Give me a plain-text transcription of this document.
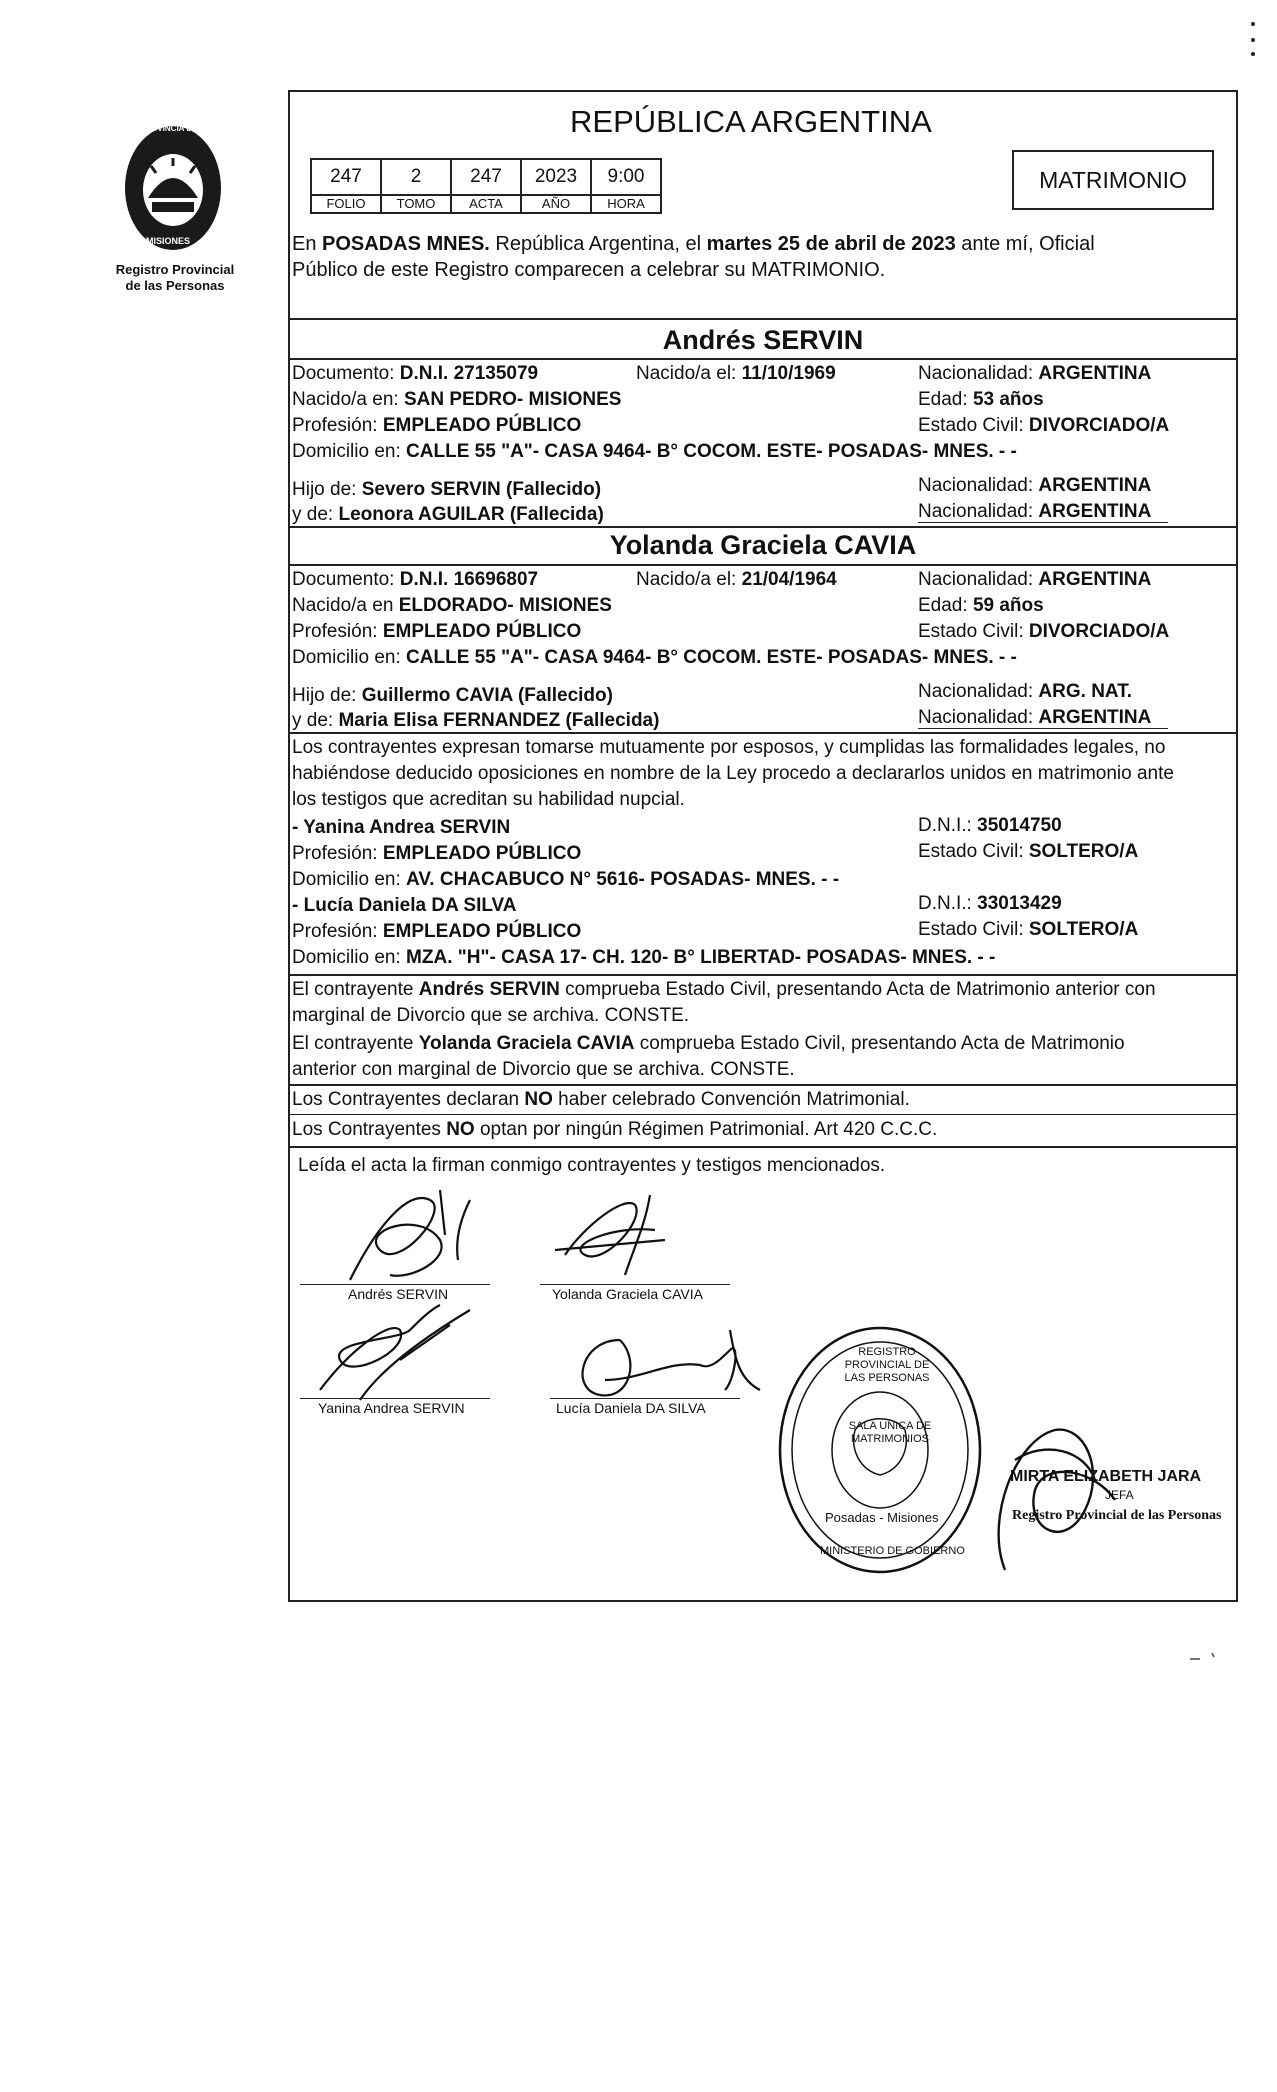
PROVINCIA DE
MISIONES
Registro Provincial
de las Personas
REPÚBLICA ARGENTINA
247	2	247	2023	9:00
FOLIO	TOMO	ACTA	AÑO	HORA
MATRIMONIO
En POSADAS MNES. República Argentina, el martes 25 de abril de 2023 ante mí, Oficial
Público de este Registro comparecen a celebrar su MATRIMONIO.
Andrés SERVIN
Documento: D.N.I. 27135079	Nacido/a el: 11/10/1969	Nacionalidad: ARGENTINA
Nacido/a en: SAN PEDRO- MISIONES	Edad: 53 años
Profesión: EMPLEADO PÚBLICO	Estado Civil: DIVORCIADO/A
Domicilio en: CALLE 55 "A"- CASA 9464- B° COCOM. ESTE- POSADAS- MNES. - -
Hijo de: Severo SERVIN (Fallecido)	Nacionalidad: ARGENTINA
y de: Leonora AGUILAR (Fallecida)	Nacionalidad: ARGENTINA
Yolanda Graciela CAVIA
Documento: D.N.I. 16696807	Nacido/a el: 21/04/1964	Nacionalidad: ARGENTINA
Nacido/a en ELDORADO- MISIONES	Edad: 59 años
Profesión: EMPLEADO PÚBLICO	Estado Civil: DIVORCIADO/A
Domicilio en: CALLE 55 "A"- CASA 9464- B° COCOM. ESTE- POSADAS- MNES. - -
Hijo de: Guillermo CAVIA (Fallecido)	Nacionalidad: ARG. NAT.
y de: Maria Elisa FERNANDEZ (Fallecida)	Nacionalidad: ARGENTINA
Los contrayentes expresan tomarse mutuamente por esposos, y cumplidas las formalidades legales, no
habiéndose deducido oposiciones en nombre de la Ley procedo a declararlos unidos en matrimonio ante
los testigos que acreditan su habilidad nupcial.
- Yanina Andrea SERVIN	D.N.I.: 35014750
Profesión: EMPLEADO PÚBLICO	Estado Civil: SOLTERO/A
Domicilio en: AV. CHACABUCO N° 5616- POSADAS- MNES. - -
- Lucía Daniela DA SILVA	D.N.I.: 33013429
Profesión: EMPLEADO PÚBLICO	Estado Civil: SOLTERO/A
Domicilio en: MZA. "H"- CASA 17- CH. 120- B° LIBERTAD- POSADAS- MNES. - -
El contrayente Andrés SERVIN comprueba Estado Civil, presentando Acta de Matrimonio anterior con
marginal de Divorcio que se archiva. CONSTE.
El contrayente Yolanda Graciela CAVIA comprueba Estado Civil, presentando Acta de Matrimonio
anterior con marginal de Divorcio que se archiva. CONSTE.
Los Contrayentes declaran NO haber celebrado Convención Matrimonial.
Los Contrayentes NO optan por ningún Régimen Patrimonial. Art 420 C.C.C.
Leída el acta la firman conmigo contrayentes y testigos mencionados.
Andrés SERVIN	Yolanda Graciela CAVIA
Yanina Andrea SERVIN	Lucía Daniela DA SILVA
REGISTRO PROVINCIAL DE LAS PERSONAS
SALA UNICA DE MATRIMONIOS
Posadas - Misiones
MINISTERIO DE GOBIERNO
MIRTA ELIZABETH JARA
JEFA
Registro Provincial de las Personas
